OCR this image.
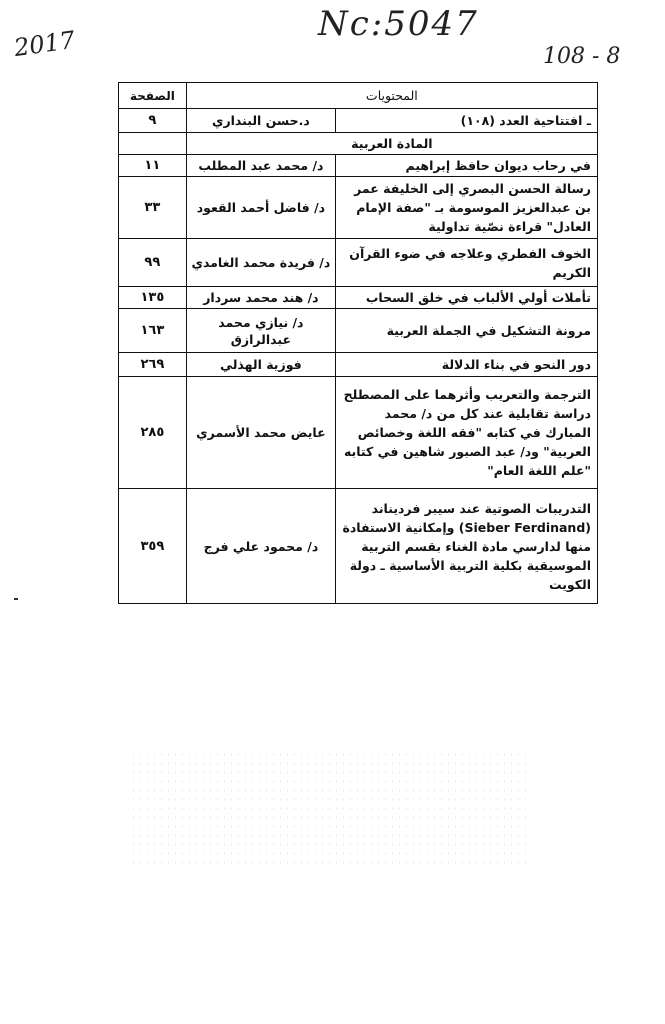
2017	Nc:5047
108 - 8
المحتويات
الصفحة
ـ افتتاحية العدد (١٠٨)
د.حسن البنداري
٩
المادة العربية
في رحاب ديوان حافظ إبراهيم
د/ محمد عبد المطلب
١١
رسالة الحسن البصري إلى الخليفة عمر بن عبدالعزيز الموسومة بـ "صفة الإمام العادل" قراءة نصّية تداولية
د/ فاضل أحمد القعود
٣٣
الخوف الفطري وعلاجه في ضوء القرآن الكريم
د/ فريدة محمد الغامدي
٩٩
تأملات أولي الألباب في خلق السحاب
د/ هند محمد سردار
١٣٥
مرونة التشكيل في الجملة العربية
د/ نيازي محمد عبدالرازق
١٦٣
دور النحو في بناء الدلالة
فوزية الهذلي
٢٦٩
الترجمة والتعريب وأثرهما على المصطلح دراسة تقابلية عند كل من د/ محمد المبارك في كتابه "فقه اللغة وخصائص العربية" ود/ عبد الصبور شاهين في كتابه "علم اللغة العام"
عايض محمد الأسمري
٢٨٥
التدريبات الصوتية عند سيبر فرديناند (Sieber Ferdinand) وإمكانية الاستفادة منها لدارسي مادة الغناء بقسم التربية الموسيقية بكلية التربية الأساسية ـ دولة الكويت
د/ محمود علي فرج
٣٥٩
